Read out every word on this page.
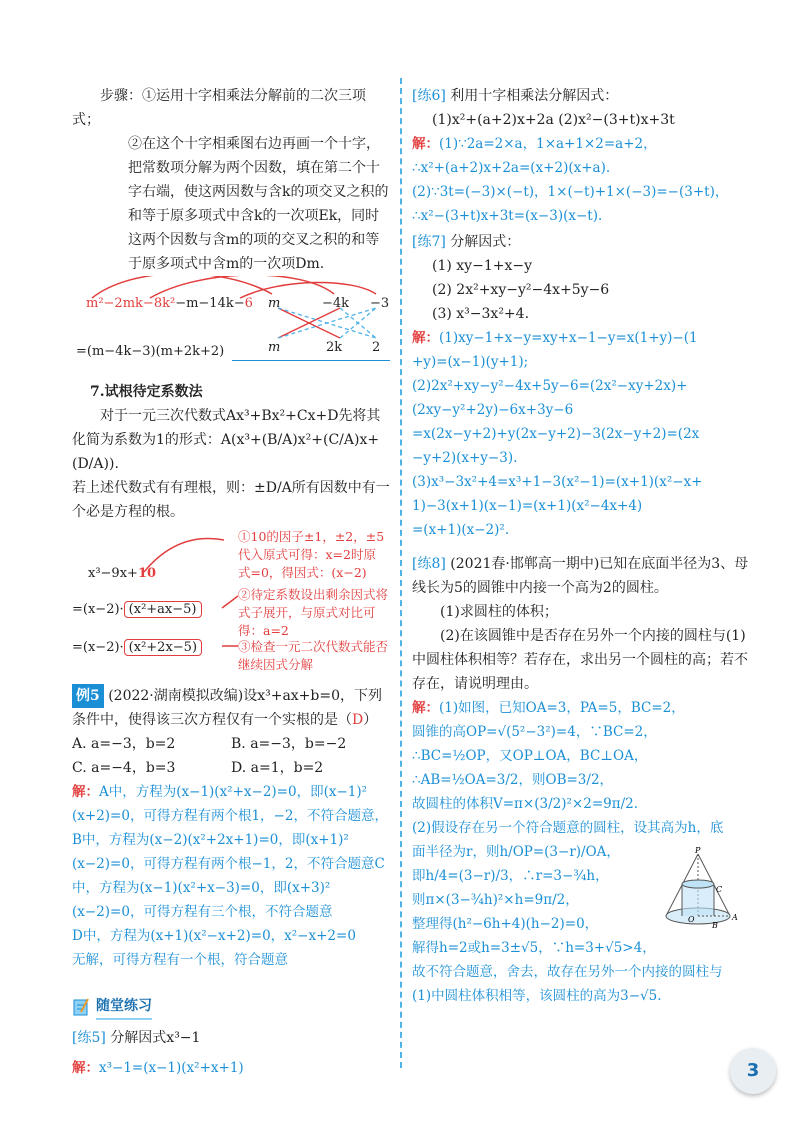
步骤：①运用十字相乘法分解前的二次三项式；

②在这个十字相乘图右边再画一个十字，把常数项分解为两个因数，填在第二个十字右端，使这两因数与含k的项交叉之积的和等于原多项式中含k的一次项Ek，同时这两个因数与含m的项的交叉之积的和等于原多项式中含m的一次项Dm.

m²−2mk−8k²−m−14k−6 m	−4k −3
m	2k 2
=(m−4k−3)(m+2k+2)

7.试根待定系数法

对于一元三次代数式Ax³+Bx²+Cx+D先将其化简为系数为1的形式：A(x³+(B/A)x²+(C/A)x+(D/A)).

若上述代数式有有理根，则：±D/A所有因数中有一个必是方程的根。

x³−9x+10
=(x−2)· (x²+ax−5)
=(x−2)· (x²+2x−5)
①10的因子±1，±2，±5代入原式可得：x=2时原式=0，得因式：(x−2)
②待定系数设出剩余因式将式子展开，与原式对比可得：a=2
③检查一元二次代数式能否继续因式分解

例5 (2022·湖南模拟改编)设x³+ax+b=0，下列条件中，使得该三次方程仅有一个实根的是（D）

A. a=−3，b=2	B. a=−3，b=−2
C. a=−4，b=3	D. a=1，b=2

解：A中，方程为(x−1)(x²+x−2)=0，即(x−1)²

(x+2)=0，可得方程有两个根1，−2，不符合题意，

B中，方程为(x−2)(x²+2x+1)=0，即(x+1)²

(x−2)=0，可得方程有两个根−1，2，不符合题意C

中，方程为(x−1)(x²+x−3)=0，即(x+3)²

(x−2)=0，可得方程有三个根，不符合题意

D中，方程为(x+1)(x²−x+2)=0，x²−x+2=0

无解，可得方程有一个根，符合题意

随堂练习

[练5] 分解因式x³−1

解：x³−1=(x−1)(x²+x+1)

[练6] 利用十字相乘法分解因式：

(1)x²+(a+2)x+2a (2)x²−(3+t)x+3t

解：(1)∵2a=2×a，1×a+1×2=a+2，

∴x²+(a+2)x+2a=(x+2)(x+a).

(2)∵3t=(−3)×(−t)，1×(−t)+1×(−3)=−(3+t)，

∴x²−(3+t)x+3t=(x−3)(x−t).

[练7] 分解因式：

(1) xy−1+x−y

(2) 2x²+xy−y²−4x+5y−6

(3) x³−3x²+4.

解：(1)xy−1+x−y=xy+x−1−y=x(1+y)−(1

+y)=(x−1)(y+1);

(2)2x²+xy−y²−4x+5y−6=(2x²−xy+2x)+

(2xy−y²+2y)−6x+3y−6

=x(2x−y+2)+y(2x−y+2)−3(2x−y+2)=(2x

−y+2)(x+y−3).

(3)x³−3x²+4=x³+1−3(x²−1)=(x+1)(x²−x+

1)−3(x+1)(x−1)=(x+1)(x²−4x+4)

=(x+1)(x−2)².

[练8] (2021春·邯郸高一期中)已知在底面半径为3、母线长为5的圆锥中内接一个高为2的圆柱。

(1)求圆柱的体积；

(2)在该圆锥中是否存在另外一个内接的圆柱与(1)中圆柱体积相等？若存在，求出另一个圆柱的高；若不存在，请说明理由。

解：(1)如图，已知OA=3，PA=5，BC=2，

圆锥的高OP=√(5²−3²)=4，∵BC=2，

∴BC=½OP，又OP⊥OA，BC⊥OA，

∴AB=½OA=3/2，则OB=3/2，

故圆柱的体积V=π×(3/2)²×2=9π/2.

(2)假设存在另一个符合题意的圆柱，设其高为h，底

面半径为r，则h/OP=(3−r)/OA，

即h/4=(3−r)/3，∴r=3−¾h，

则π×(3−¾h)²×h=9π/2，

整理得(h²−6h+4)(h−2)=0，

解得h=2或h=3±√5，∵h=3+√5>4，

故不符合题意，舍去，故存在另外一个内接的圆柱与

(1)中圆柱体积相等，该圆柱的高为3−√5.

P
C
O
B
A
3
